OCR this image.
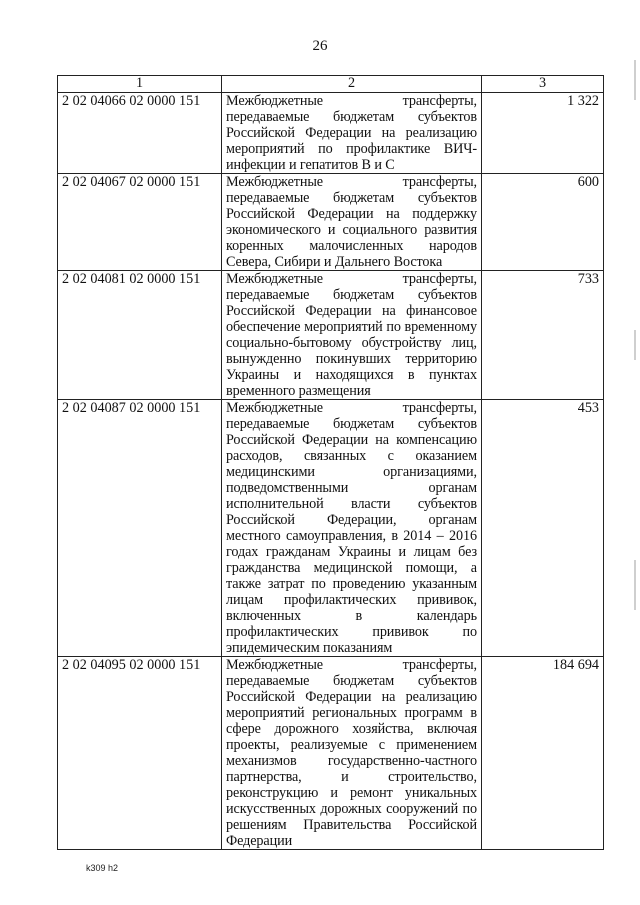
26
1	2	3
2 02 04066 02 0000 151	Межбюджетные трансферты, передаваемые бюджетам субъектов Российской Федерации на реализацию мероприятий по профилактике ВИЧ-инфекции и гепатитов В и С	1 322
2 02 04067 02 0000 151	Межбюджетные трансферты, передаваемые бюджетам субъектов Российской Федерации на поддержку экономического и социального развития коренных малочисленных народов Севера, Сибири и Дальнего Востока	600
2 02 04081 02 0000 151	Межбюджетные трансферты, передаваемые бюджетам субъектов Российской Федерации на финансовое обеспечение мероприятий по временному социально-бытовому обустройству лиц, вынужденно покинувших территорию Украины и находящихся в пунктах временного размещения	733
2 02 04087 02 0000 151	Межбюджетные трансферты, передаваемые бюджетам субъектов Российской Федерации на компенсацию расходов, связанных с оказанием медицинскими организациями, подведомственными органам исполнительной власти субъектов Российской Федерации, органам местного самоуправления, в 2014 – 2016 годах гражданам Украины и лицам без гражданства медицинской помощи, а также затрат по проведению указанным лицам профилактических прививок, включенных в календарь профилактических прививок по эпидемическим показаниям	453
2 02 04095 02 0000 151	Межбюджетные трансферты, передаваемые бюджетам субъектов Российской Федерации на реализацию мероприятий региональных программ в сфере дорожного хозяйства, включая проекты, реализуемые с применением механизмов государственно-частного партнерства, и строительство, реконструкцию и ремонт уникальных искусственных дорожных сооружений по решениям Правительства Российской Федерации	184 694
k309 h2
